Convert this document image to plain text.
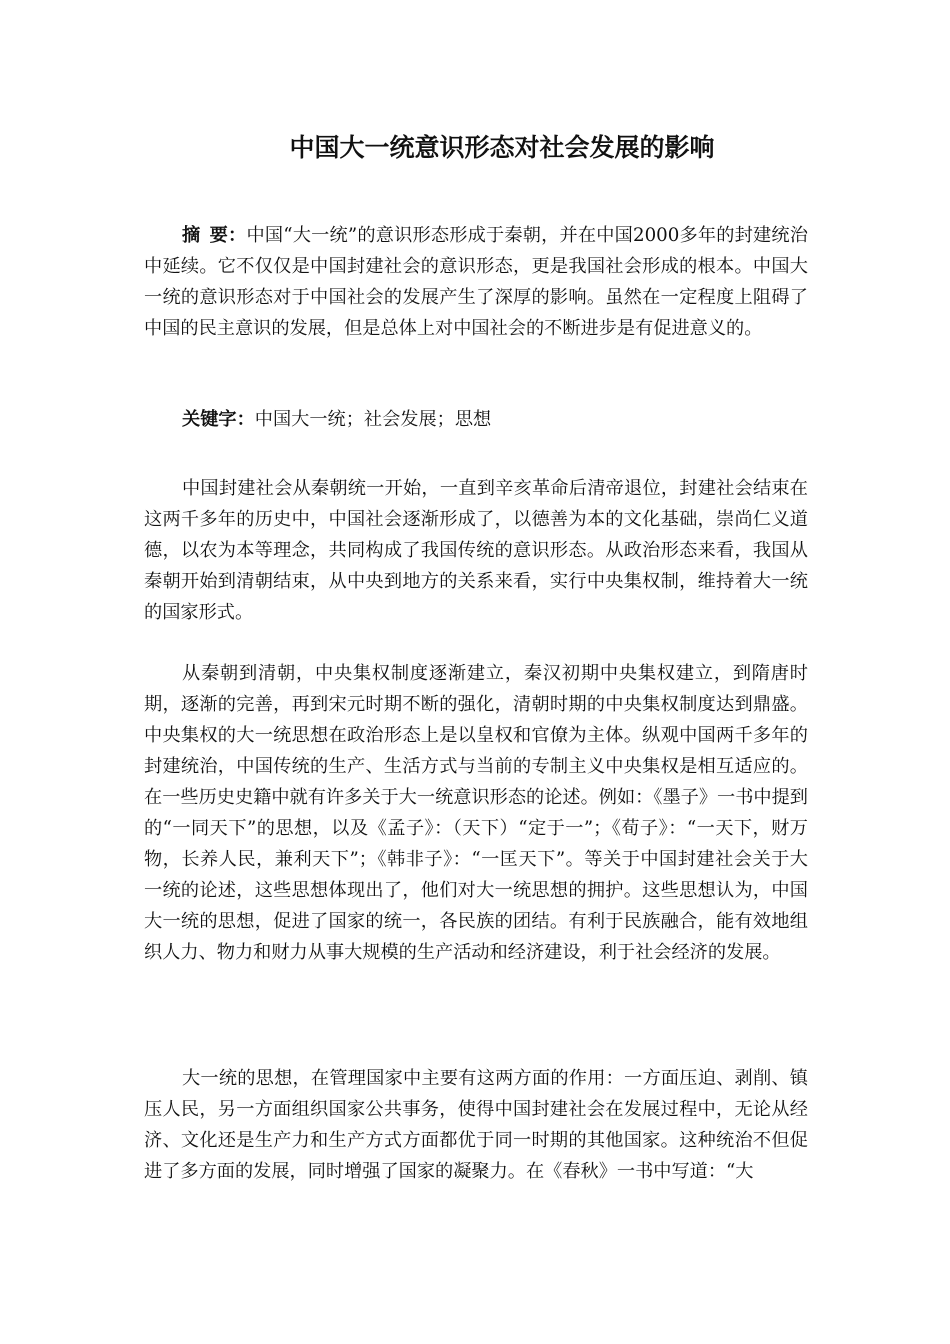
中国大一统意识形态对社会发展的影响
摘 要：中国“大一统”的意识形态形成于秦朝，并在中国2000多年的封建统治中延续。它不仅仅是中国封建社会的意识形态，更是我国社会形成的根本。中国大一统的意识形态对于中国社会的发展产生了深厚的影响。虽然在一定程度上阻碍了中国的民主意识的发展，但是总体上对中国社会的不断进步是有促进意义的。
关键字：中国大一统；社会发展；思想
中国封建社会从秦朝统一开始，一直到辛亥革命后清帝退位，封建社会结束在这两千多年的历史中，中国社会逐渐形成了，以德善为本的文化基础，崇尚仁义道德，以农为本等理念，共同构成了我国传统的意识形态。从政治形态来看，我国从秦朝开始到清朝结束，从中央到地方的关系来看，实行中央集权制，维持着大一统的国家形式。
从秦朝到清朝，中央集权制度逐渐建立，秦汉初期中央集权建立，到隋唐时期，逐渐的完善，再到宋元时期不断的强化，清朝时期的中央集权制度达到鼎盛。中央集权的大一统思想在政治形态上是以皇权和官僚为主体。纵观中国两千多年的封建统治，中国传统的生产、生活方式与当前的专制主义中央集权是相互适应的。在一些历史史籍中就有许多关于大一统意识形态的论述。例如：《墨子》一书中提到的“一同天下”的思想，以及《孟子》：（天下）“定于一”；《荀子》：“一天下，财万物，长养人民，兼利天下”；《韩非子》：“一匡天下”。等关于中国封建社会关于大一统的论述，这些思想体现出了，他们对大一统思想的拥护。这些思想认为，中国大一统的思想，促进了国家的统一，各民族的团结。有利于民族融合，能有效地组织人力、物力和财力从事大规模的生产活动和经济建设，利于社会经济的发展。
大一统的思想，在管理国家中主要有这两方面的作用：一方面压迫、剥削、镇压人民，另一方面组织国家公共事务，使得中国封建社会在发展过程中，无论从经济、文化还是生产力和生产方式方面都优于同一时期的其他国家。这种统治不但促进了多方面的发展，同时增强了国家的凝聚力。在《春秋》一书中写道：“大
